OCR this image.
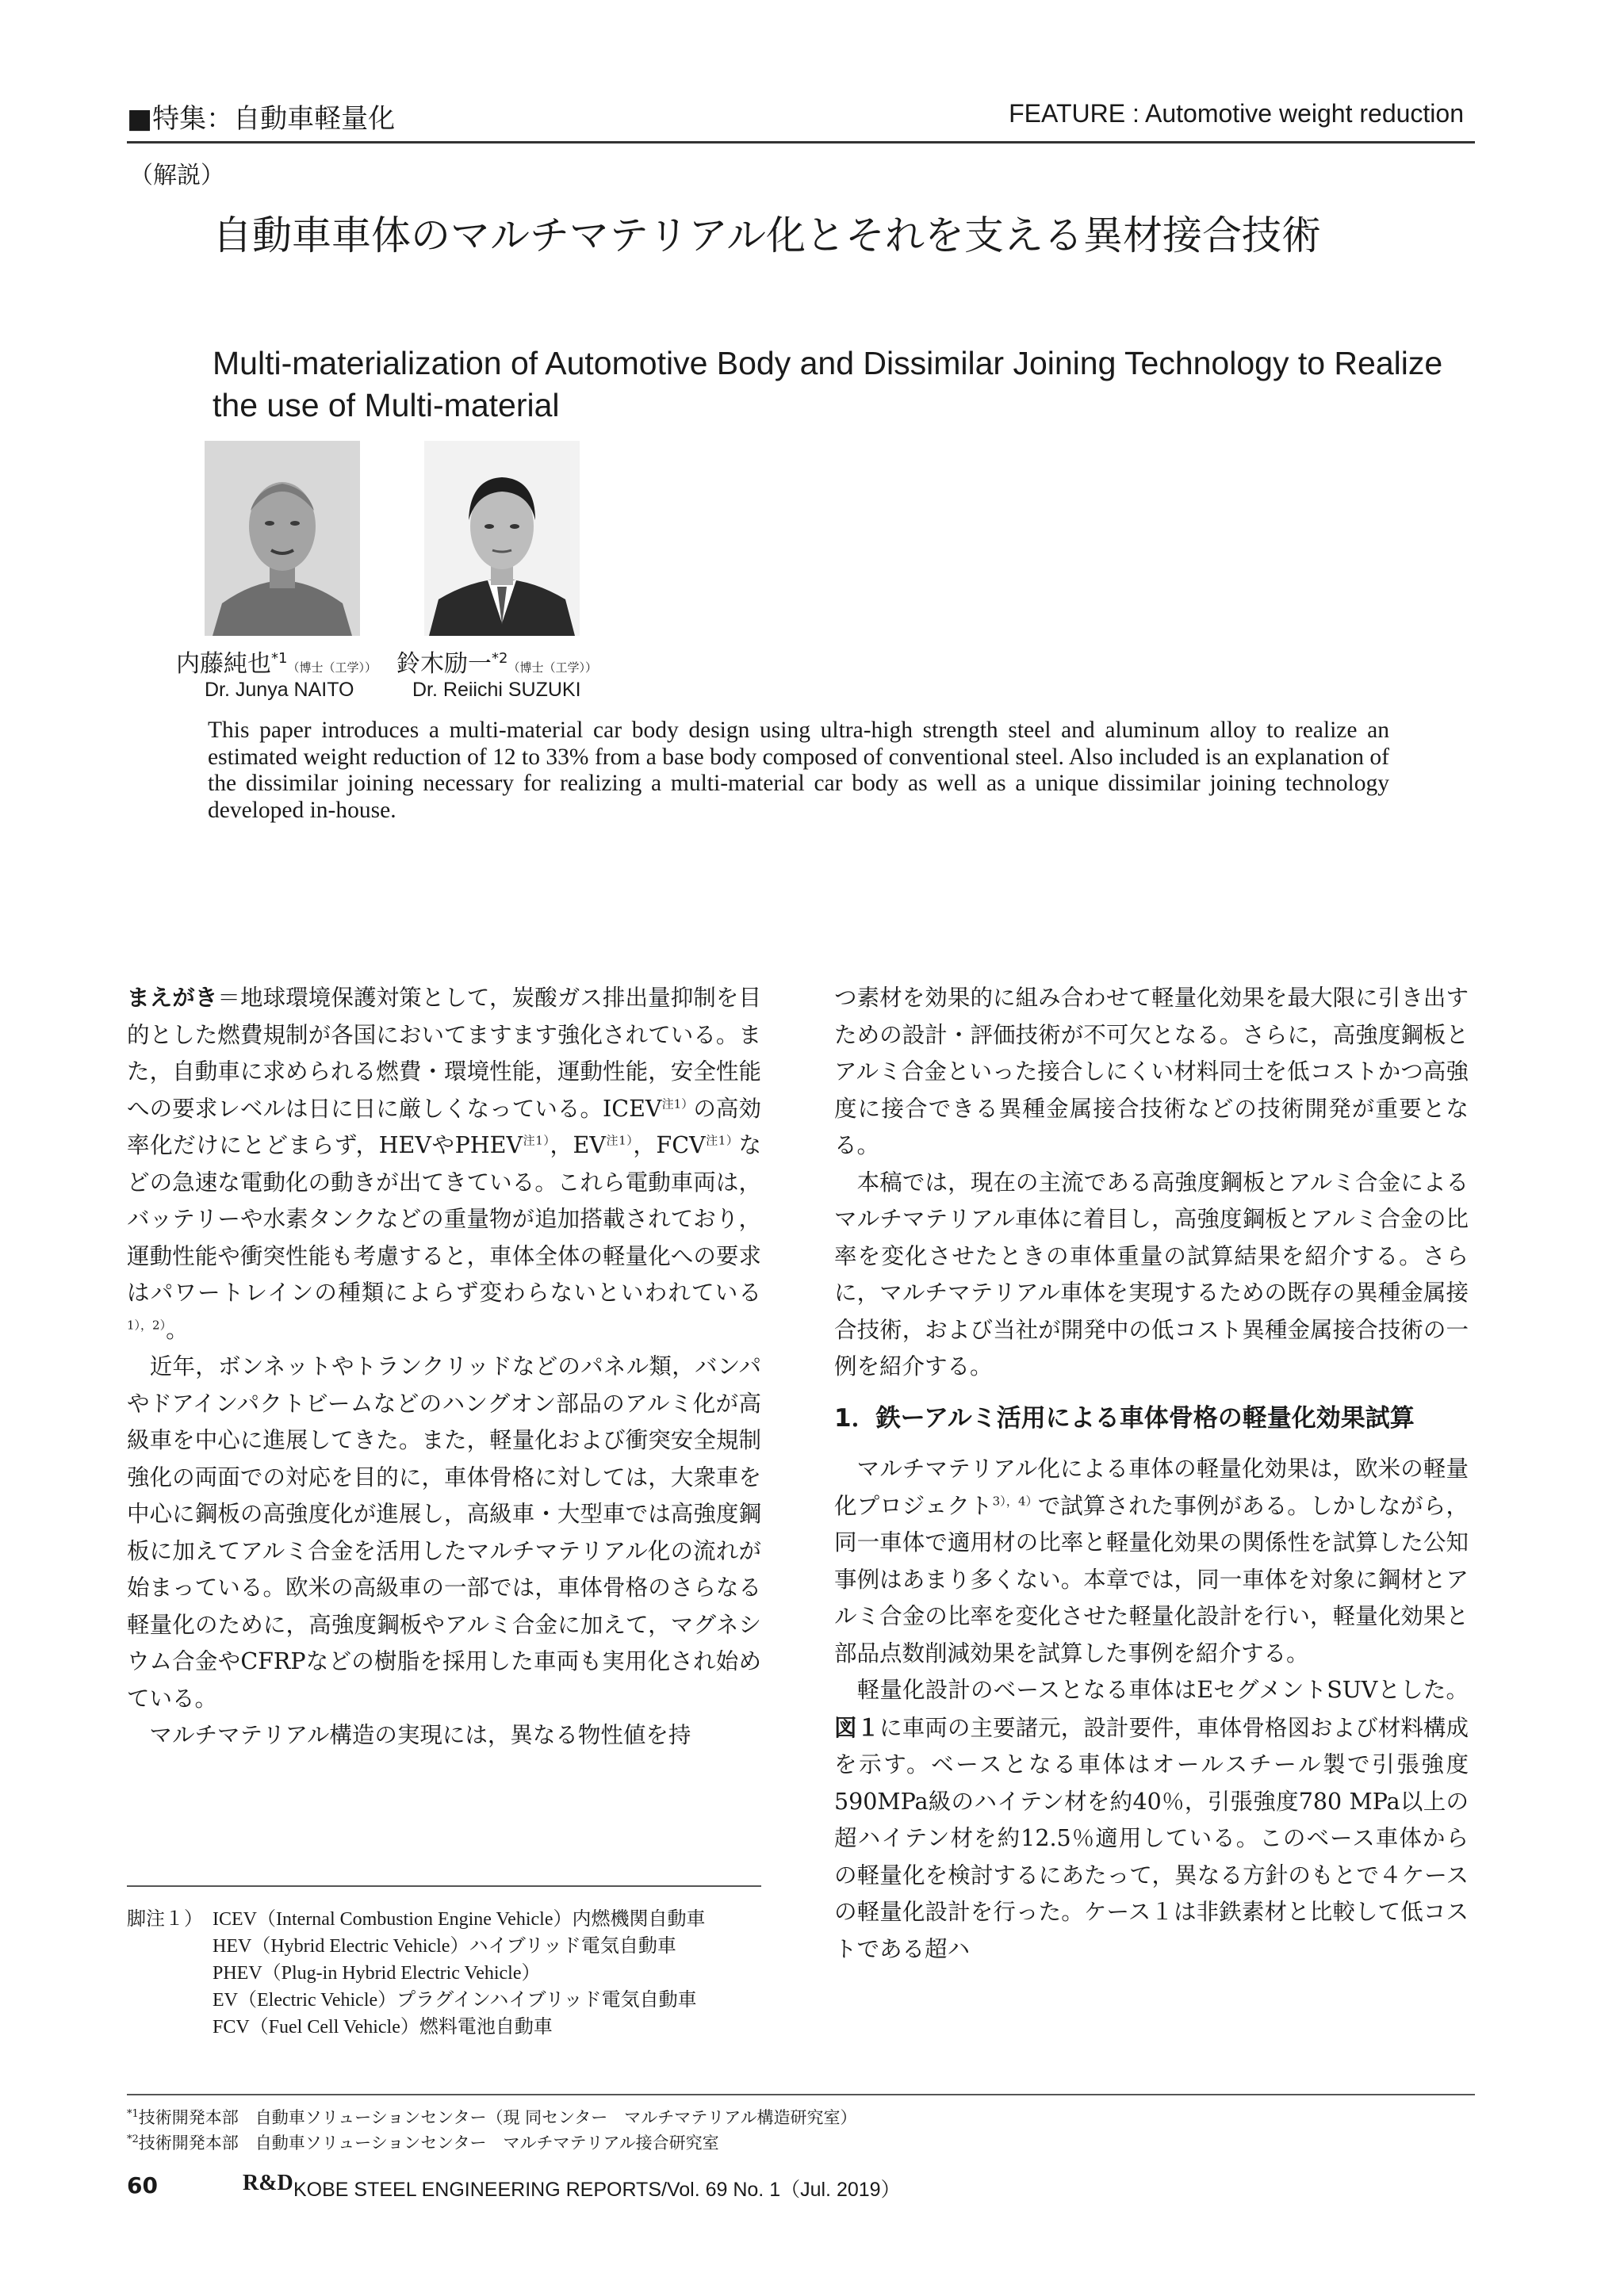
■特集：自動車軽量化	FEATURE : Automotive weight reduction
（解説）
自動車車体のマルチマテリアル化とそれを支える異材接合技術
Multi-materialization of Automotive Body and Dissimilar Joining Technology to Realize the use of Multi-material
内藤純也$^{*1}$（博士（工学）） 鈴木励一$^{*2}$（博士（工学））
Dr. Junya NAITO	Dr. Reiichi SUZUKI
This paper introduces a multi-material car body design using ultra-high strength steel and aluminum alloy to realize an estimated weight reduction of 12 to 33% from a base body composed of conventional steel. Also included is an explanation of the dissimilar joining necessary for realizing a multi-material car body as well as a unique dissimilar joining technology developed in-house.

まえがき＝地球環境保護対策として，炭酸ガス排出量抑制を目的とした燃費規制が各国においてますます強化されている。また，自動車に求められる燃費・環境性能，運動性能，安全性能への要求レベルは日に日に厳しくなっている。$ICEV^{注1)}$の高効率化だけにとどまらず，HEVや$PHEV^{注1)}$，$EV^{注1)}$，$FCV^{注1)}$などの急速な電動化の動きが出てきている。これら電動車両は，バッテリーや水素タンクなどの重量物が追加搭載されており，運動性能や衝突性能も考慮すると，車体全体の軽量化への要求はパワートレインの種類によらず変わらないといわれている$^{1),2)}$。

　近年，ボンネットやトランクリッドなどのパネル類，バンパやドアインパクトビームなどのハングオン部品のアルミ化が高級車を中心に進展してきた。また，軽量化および衝突安全規制強化の両面での対応を目的に，車体骨格に対しては，大衆車を中心に鋼板の高強度化が進展し，高級車・大型車では高強度鋼板に加えてアルミ合金を活用したマルチマテリアル化の流れが始まっている。欧米の高級車の一部では，車体骨格のさらなる軽量化のために，高強度鋼板やアルミ合金に加えて，マグネシウム合金やCFRPなどの樹脂を採用した車両も実用化され始めている。

　マルチマテリアル構造の実現には，異なる物性値を持

つ素材を効果的に組み合わせて軽量化効果を最大限に引き出すための設計・評価技術が不可欠となる。さらに，高強度鋼板とアルミ合金といった接合しにくい材料同士を低コストかつ高強度に接合できる異種金属接合技術などの技術開発が重要となる。

　本稿では，現在の主流である高強度鋼板とアルミ合金によるマルチマテリアル車体に着目し，高強度鋼板とアルミ合金の比率を変化させたときの車体重量の試算結果を紹介する。さらに，マルチマテリアル車体を実現するための既存の異種金属接合技術，および当社が開発中の低コスト異種金属接合技術の一例を紹介する。

1．鉄ーアルミ活用による車体骨格の軽量化効果試算

　マルチマテリアル化による車体の軽量化効果は，欧米の軽量化プロジェクト$^{3),4)}$で試算された事例がある。しかしながら，同一車体で適用材の比率と軽量化効果の関係性を試算した公知事例はあまり多くない。本章では，同一車体を対象に鋼材とアルミ合金の比率を変化させた軽量化設計を行い，軽量化効果と部品点数削減効果を試算した事例を紹介する。

　軽量化設計のベースとなる車体はEセグメントSUVとした。図１に車両の主要諸元，設計要件，車体骨格図および材料構成を示す。ベースとなる車体はオールスチール製で引張強度590MPa級のハイテン材を約40％，引張強度780 MPa以上の超ハイテン材を約12.5％適用している。このベース車体からの軽量化を検討するにあたって，異なる方針のもとで４ケースの軽量化設計を行った。ケース１は非鉄素材と比較して低コストである超ハ

脚注１） ICEV（Internal Combustion Engine Vehicle）内燃機関自動車
HEV（Hybrid Electric Vehicle）ハイブリッド電気自動車
PHEV（Plug-in Hybrid Electric Vehicle）
EV（Electric Vehicle）プラグインハイブリッド電気自動車
FCV（Fuel Cell Vehicle）燃料電池自動車
$^{*1}$技術開発本部　自動車ソリューションセンター（現 同センター　マルチマテリアル構造研究室）
$^{*2}$技術開発本部　自動車ソリューションセンター　マルチマテリアル接合研究室
60	R&D KOBE STEEL ENGINEERING REPORTS/Vol. 69 No. 1（Jul. 2019）
